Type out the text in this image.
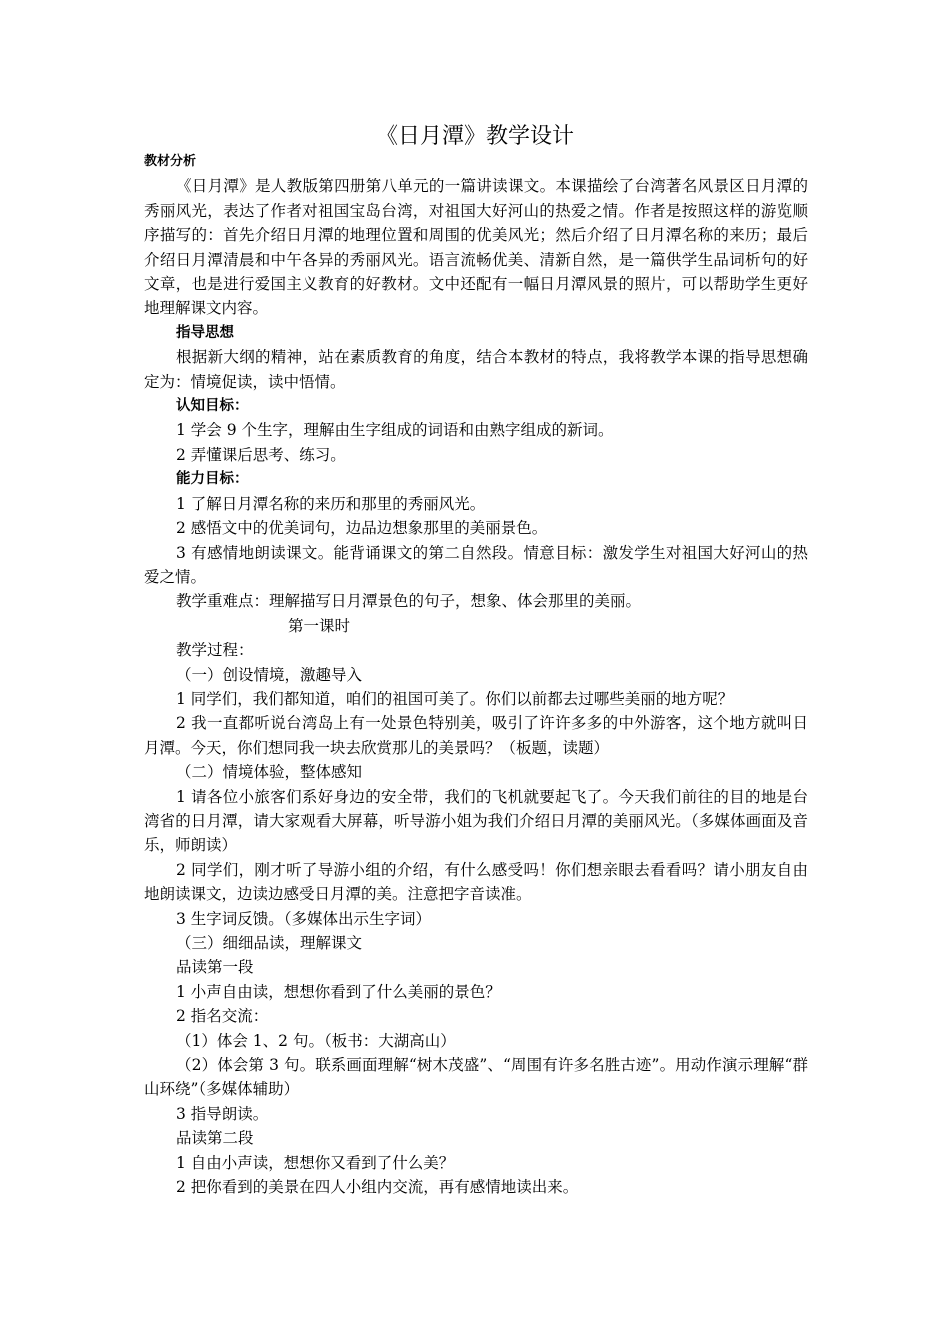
《日月潭》教学设计

教材分析

《日月潭》是人教版第四册第八单元的一篇讲读课文。本课描绘了台湾著名风景区日月潭的秀丽风光，表达了作者对祖国宝岛台湾，对祖国大好河山的热爱之情。作者是按照这样的游览顺序描写的：首先介绍日月潭的地理位置和周围的优美风光；然后介绍了日月潭名称的来历；最后介绍日月潭清晨和中午各异的秀丽风光。语言流畅优美、清新自然，是一篇供学生品词析句的好文章，也是进行爱国主义教育的好教材。文中还配有一幅日月潭风景的照片，可以帮助学生更好地理解课文内容。

指导思想

根据新大纲的精神，站在素质教育的角度，结合本教材的特点，我将教学本课的指导思想确定为：情境促读，读中悟情。

认知目标：

1 学会 9 个生字，理解由生字组成的词语和由熟字组成的新词。

2 弄懂课后思考、练习。

能力目标：

1 了解日月潭名称的来历和那里的秀丽风光。

2 感悟文中的优美词句，边品边想象那里的美丽景色。

3 有感情地朗读课文。能背诵课文的第二自然段。情意目标：激发学生对祖国大好河山的热爱之情。

教学重难点：理解描写日月潭景色的句子，想象、体会那里的美丽。

第一课时

教学过程：

（一）创设情境，激趣导入

1 同学们，我们都知道，咱们的祖国可美了。你们以前都去过哪些美丽的地方呢？

2 我一直都听说台湾岛上有一处景色特别美，吸引了许许多多的中外游客，这个地方就叫日月潭。今天，你们想同我一块去欣赏那儿的美景吗？（板题，读题）

（二）情境体验，整体感知

1 请各位小旅客们系好身边的安全带，我们的飞机就要起飞了。今天我们前往的目的地是台湾省的日月潭，请大家观看大屏幕，听导游小姐为我们介绍日月潭的美丽风光。（多媒体画面及音乐，师朗读）

2 同学们，刚才听了导游小组的介绍，有什么感受吗！你们想亲眼去看看吗？请小朋友自由地朗读课文，边读边感受日月潭的美。注意把字音读准。

3 生字词反馈。（多媒体出示生字词）

（三）细细品读，理解课文

品读第一段

1 小声自由读，想想你看到了什么美丽的景色？

2 指名交流：

（1）体会 1、2 句。（板书：大湖高山）

（2）体会第 3 句。联系画面理解“树木茂盛”、“周围有许多名胜古迹”。用动作演示理解“群山环绕”（多媒体辅助）

3 指导朗读。

品读第二段

1 自由小声读，想想你又看到了什么美？

2 把你看到的美景在四人小组内交流，再有感情地读出来。
